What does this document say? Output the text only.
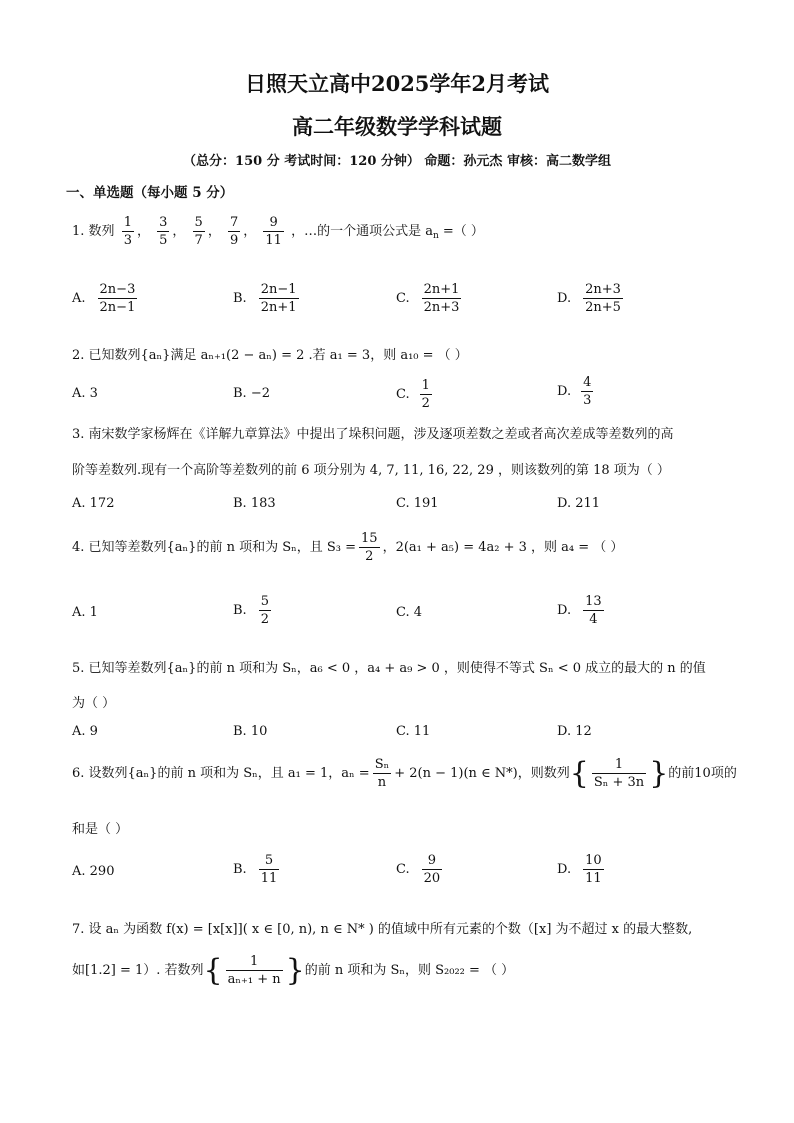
日照天立高中2025学年2月考试
高二年级数学学科试题
（总分：150 分 考试时间：120 分钟） 命题：孙元杰 审核：高二数学组
一、单选题（每小题 5 分）
1. 数列 $\frac{1}{3}$ ， $\frac{3}{5}$ ， $\frac{5}{7}$ ， $\frac{7}{9}$ ， $\frac{9}{11}$ ，…的一个通项公式是 $a_n$ =（ ）
A. $\frac{2n-3}{2n-1}$	B. $\frac{2n-1}{2n+1}$	C. $\frac{2n+1}{2n+3}$	D. $\frac{2n+3}{2n+5}$
2. 已知数列{aₙ}满足 aₙ₊₁(2 − aₙ) = 2 .若 a₁ = 3，则 a₁₀ = （ ）
A. 3	B. −2	C. $\frac{1}{2}$	D. $\frac{4}{3}$
3. 南宋数学家杨辉在《详解九章算法》中提出了垛积问题，涉及逐项差数之差或者高次差成等差数列的高
阶等差数列.现有一个高阶等差数列的前 6 项分别为 4, 7, 11, 16, 22, 29 ，则该数列的第 18 项为（ ）
A. 172	B. 183	C. 191	D. 211
4. 已知等差数列{aₙ}的前 n 项和为 Sₙ，且 $S_3 = \frac{15}{2}$ ，2(a₁ + a₅) = 4a₂ + 3 ，则 a₄ = （ ）
A. 1	B. $\frac{5}{2}$	C. 4	D. $\frac{13}{4}$
5. 已知等差数列{aₙ}的前 n 项和为 Sₙ，a₆ < 0 ，a₄ + a₉ > 0 ，则使得不等式 Sₙ < 0 成立的最大的 n 的值
为（ ）
A. 9	B. 10	C. 11	D. 12
6. 设数列{aₙ}的前 n 项和为 Sₙ，且 a₁ = 1，$a_n = \frac{\text{Sₙ}}{n} + 2(n - 1)(n$ ∈ N*)，则数列{ $\frac{1}{\text{Sₙ + 3n}}$ }的前10项的
和是（ ）
A. 290	B. $\frac{5}{11}$	C. $\frac{9}{20}$	D. $\frac{10}{11}$
7. 设 aₙ 为函数 f(x) = [x[x]]( x ∈ [0, n), n ∈ N* ) 的值域中所有元素的个数（[x] 为不超过 x 的最大整数,
如[1.2] = 1）. 若数列{ $\frac{1}{\text{aₙ₊₁ + n}}$ }的前 n 项和为 Sₙ，则 S₂₀₂₂ = （ ）
